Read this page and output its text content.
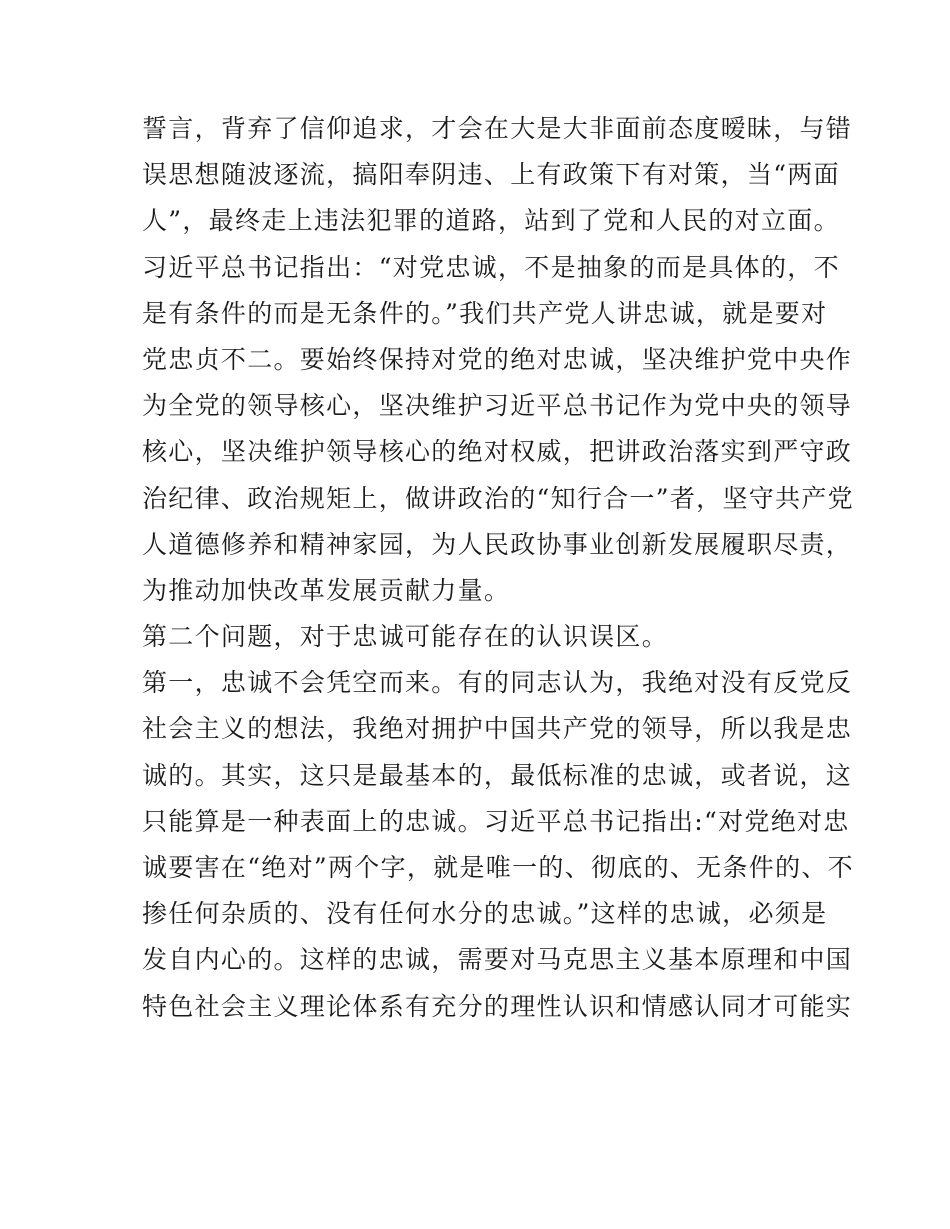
誓言，背弃了信仰追求，才会在大是大非面前态度暧昧，与错
误思想随波逐流，搞阳奉阴违、上有政策下有对策，当“两面
人”，最终走上违法犯罪的道路，站到了党和人民的对立面。
习近平总书记指出：“对党忠诚，不是抽象的而是具体的，不
是有条件的而是无条件的。”我们共产党人讲忠诚，就是要对
党忠贞不二。要始终保持对党的绝对忠诚，坚决维护党中央作
为全党的领导核心，坚决维护习近平总书记作为党中央的领导
核心，坚决维护领导核心的绝对权威，把讲政治落实到严守政
治纪律、政治规矩上，做讲政治的“知行合一”者，坚守共产党
人道德修养和精神家园，为人民政协事业创新发展履职尽责，
为推动加快改革发展贡献力量。
第二个问题，对于忠诚可能存在的认识误区。
第一，忠诚不会凭空而来。有的同志认为，我绝对没有反党反
社会主义的想法，我绝对拥护中国共产党的领导，所以我是忠
诚的。其实，这只是最基本的，最低标准的忠诚，或者说，这
只能算是一种表面上的忠诚。习近平总书记指出:“对党绝对忠
诚要害在“绝对”两个字，就是唯一的、彻底的、无条件的、不
掺任何杂质的、没有任何水分的忠诚。”这样的忠诚，必须是
发自内心的。这样的忠诚，需要对马克思主义基本原理和中国
特色社会主义理论体系有充分的理性认识和情感认同才可能实
